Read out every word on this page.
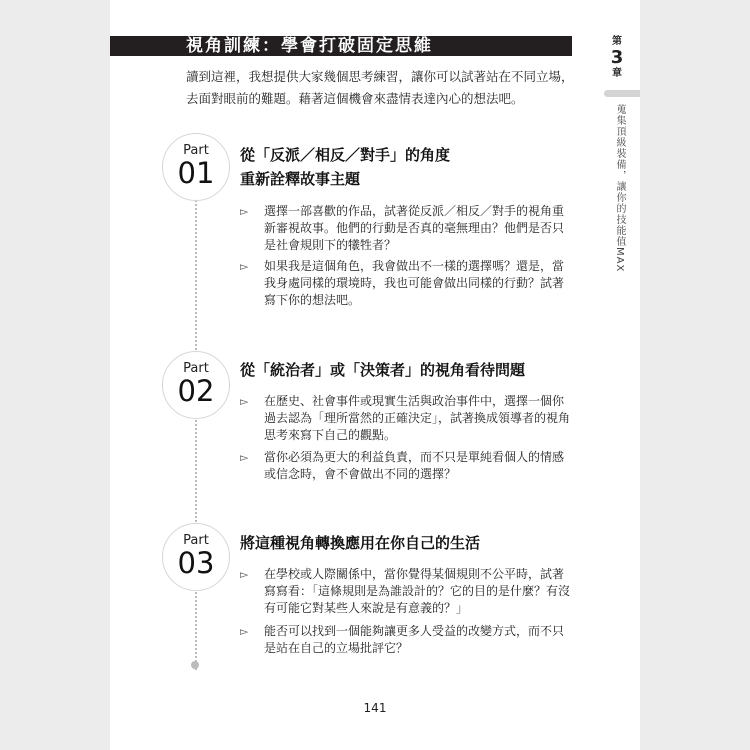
視角訓練：學會打破固定思維
讀到這裡，我想提供大家幾個思考練習，讓你可以試著站在不同立場，去面對眼前的難題。藉著這個機會來盡情表達內心的想法吧。
第
3
章
蒐集頂級裝備，讓你的技能值MAX
Part
01
從「反派／相反／對手」的角度
重新詮釋故事主題
▻ 選擇一部喜歡的作品，試著從反派／相反／對手的視角重新審視故事。他們的行動是否真的毫無理由？他們是否只是社會規則下的犧牲者？
▻ 如果我是這個角色，我會做出不一樣的選擇嗎？還是，當我身處同樣的環境時，我也可能會做出同樣的行動？試著寫下你的想法吧。
Part
02
從「統治者」或「決策者」的視角看待問題
▻ 在歷史、社會事件或現實生活與政治事件中，選擇一個你過去認為「理所當然的正確決定」，試著換成領導者的視角思考來寫下自己的觀點。
▻ 當你必須為更大的利益負責，而不只是單純看個人的情感或信念時，會不會做出不同的選擇？
Part
03
將這種視角轉換應用在你自己的生活
▻ 在學校或人際關係中，當你覺得某個規則不公平時，試著寫寫看：「這條規則是為誰設計的？它的目的是什麼？有沒有可能它對某些人來說是有意義的？」
▻ 能否可以找到一個能夠讓更多人受益的改變方式，而不只是站在自己的立場批評它？
141
